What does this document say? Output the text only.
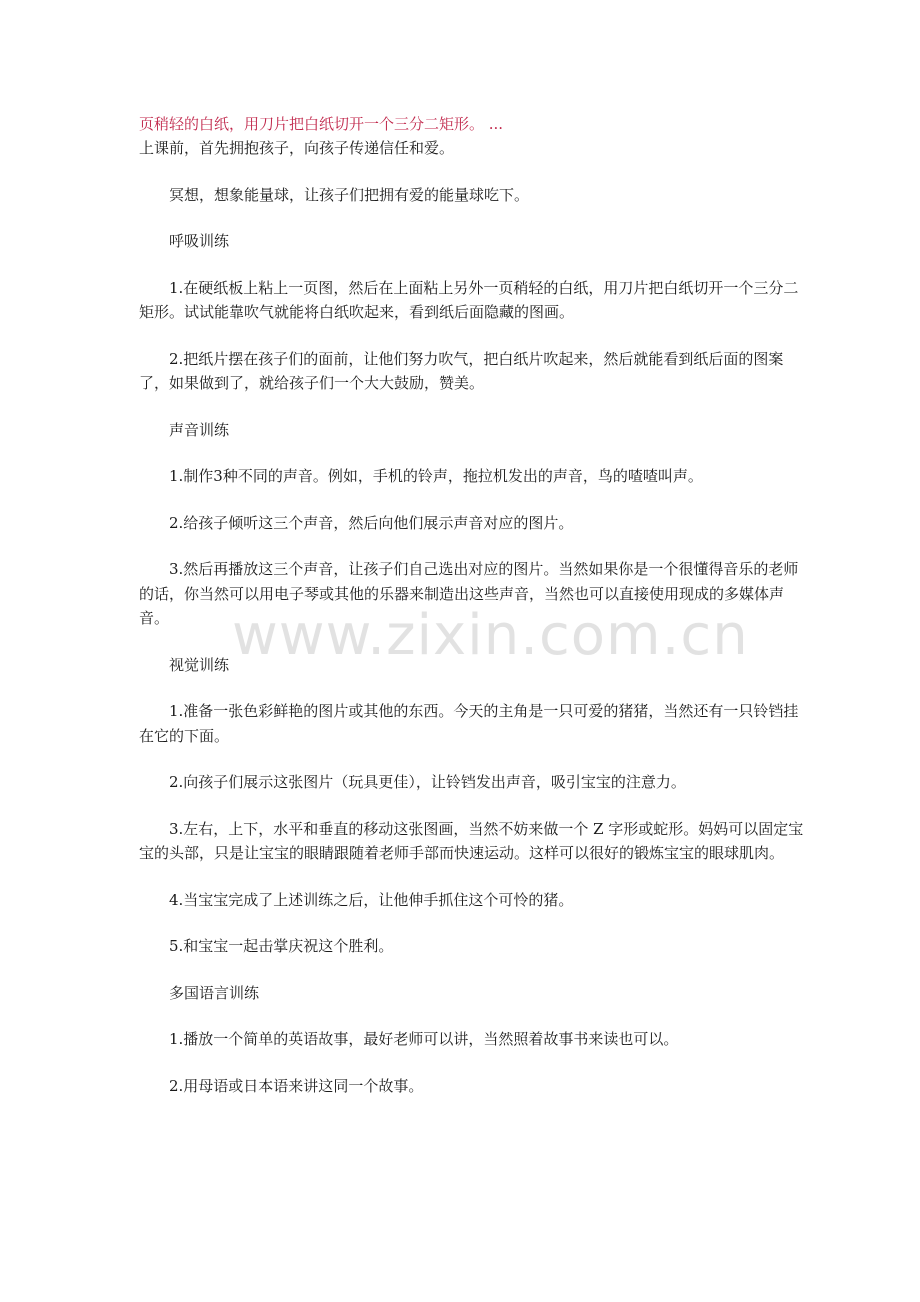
页稍轻的白纸，用刀片把白纸切开一个三分二矩形。 ...

上课前，首先拥抱孩子，向孩子传递信任和爱。

冥想，想象能量球，让孩子们把拥有爱的能量球吃下。

呼吸训练

1.在硬纸板上粘上一页图，然后在上面粘上另外一页稍轻的白纸，用刀片把白纸切开一个三分二矩形。试试能靠吹气就能将白纸吹起来，看到纸后面隐藏的图画。

2.把纸片摆在孩子们的面前，让他们努力吹气，把白纸片吹起来，然后就能看到纸后面的图案了，如果做到了，就给孩子们一个大大鼓励，赞美。

声音训练

1.制作3种不同的声音。例如，手机的铃声，拖拉机发出的声音，鸟的喳喳叫声。

2.给孩子倾听这三个声音，然后向他们展示声音对应的图片。

3.然后再播放这三个声音，让孩子们自己选出对应的图片。当然如果你是一个很懂得音乐的老师的话，你当然可以用电子琴或其他的乐器来制造出这些声音，当然也可以直接使用现成的多媒体声音。

视觉训练

1.准备一张色彩鲜艳的图片或其他的东西。今天的主角是一只可爱的猪猪，当然还有一只铃铛挂在它的下面。

2.向孩子们展示这张图片（玩具更佳），让铃铛发出声音，吸引宝宝的注意力。

3.左右，上下，水平和垂直的移动这张图画，当然不妨来做一个 Z 字形或蛇形。妈妈可以固定宝宝的头部，只是让宝宝的眼睛跟随着老师手部而快速运动。这样可以很好的锻炼宝宝的眼球肌肉。

4.当宝宝完成了上述训练之后，让他伸手抓住这个可怜的猪。

5.和宝宝一起击掌庆祝这个胜利。

多国语言训练

1.播放一个简单的英语故事，最好老师可以讲，当然照着故事书来读也可以。

2.用母语或日本语来讲这同一个故事。

www.zixin.com.cn
